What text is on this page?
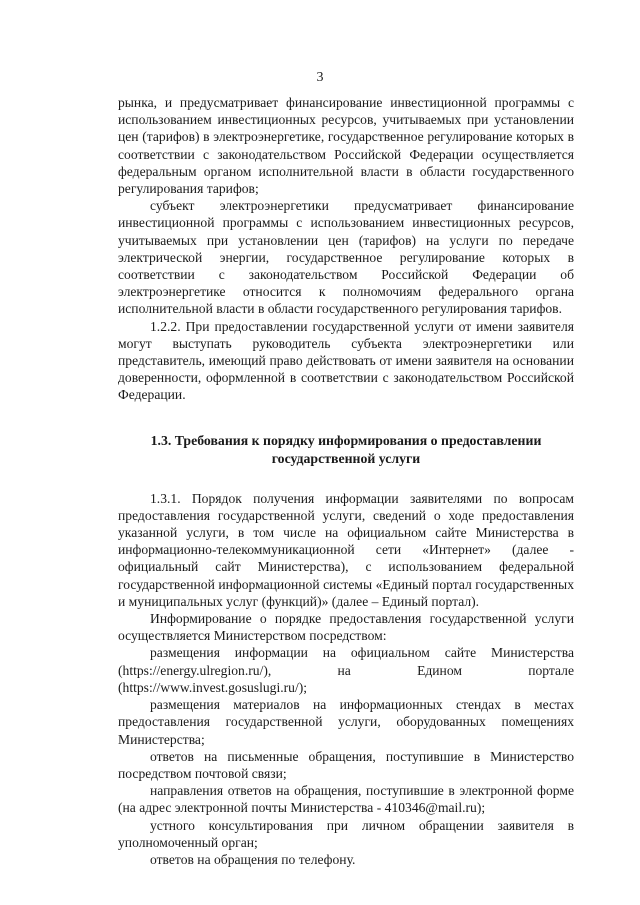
3

рынка, и предусматривает финансирование инвестиционной программы с использованием инвестиционных ресурсов, учитываемых при установлении цен (тарифов) в электроэнергетике, государственное регулирование которых в соответствии с законодательством Российской Федерации осуществляется федеральным органом исполнительной власти в области государственного регулирования тарифов;

субъект электроэнергетики предусматривает финансирование инвестиционной программы с использованием инвестиционных ресурсов, учитываемых при установлении цен (тарифов) на услуги по передаче электрической энергии, государственное регулирование которых в соответствии с законодательством Российской Федерации об электроэнергетике относится к полномочиям федерального органа исполнительной власти в области государственного регулирования тарифов.

1.2.2. При предоставлении государственной услуги от имени заявителя могут выступать руководитель субъекта электроэнергетики или представитель, имеющий право действовать от имени заявителя на основании доверенности, оформленной в соответствии с законодательством Российской Федерации.

1.3. Требования к порядку информирования о предоставлении государственной услуги

1.3.1. Порядок получения информации заявителями по вопросам предоставления государственной услуги, сведений о ходе предоставления указанной услуги, в том числе на официальном сайте Министерства в информационно-телекоммуникационной сети «Интернет» (далее - официальный сайт Министерства), с использованием федеральной государственной информационной системы «Единый портал государственных и муниципальных услуг (функций)» (далее – Единый портал).

Информирование о порядке предоставления государственной услуги осуществляется Министерством посредством:

размещения информации на официальном сайте Министерства (https://energy.ulregion.ru/), на Едином портале (https://www.invest.gosuslugi.ru/);

размещения материалов на информационных стендах в местах предоставления государственной услуги, оборудованных помещениях Министерства;

ответов на письменные обращения, поступившие в Министерство посредством почтовой связи;

направления ответов на обращения, поступившие в электронной форме (на адрес электронной почты Министерства - 410346@mail.ru);

устного консультирования при личном обращении заявителя в уполномоченный орган;

ответов на обращения по телефону.
